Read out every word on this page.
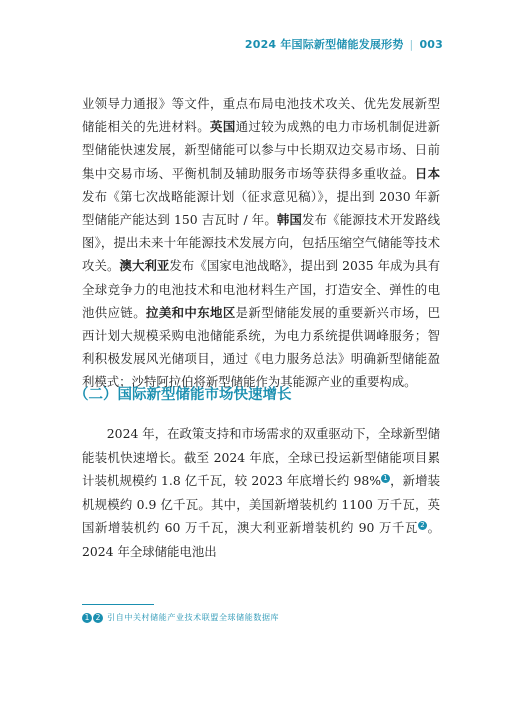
2024 年国际新型储能发展形势 | 003

业领导力通报》等文件，重点布局电池技术攻关、优先发展新型储能相关的先进材料。英国通过较为成熟的电力市场机制促进新型储能快速发展，新型储能可以参与中长期双边交易市场、日前集中交易市场、平衡机制及辅助服务市场等获得多重收益。日本发布《第七次战略能源计划（征求意见稿）》，提出到 2030 年新型储能产能达到 150 吉瓦时 / 年。韩国发布《能源技术开发路线图》，提出未来十年能源技术发展方向，包括压缩空气储能等技术攻关。澳大利亚发布《国家电池战略》，提出到 2035 年成为具有全球竞争力的电池技术和电池材料生产国，打造安全、弹性的电池供应链。拉美和中东地区是新型储能发展的重要新兴市场，巴西计划大规模采购电池储能系统，为电力系统提供调峰服务；智利积极发展风光储项目，通过《电力服务总法》明确新型储能盈利模式；沙特阿拉伯将新型储能作为其能源产业的重要构成。

（二）国际新型储能市场快速增长

2024 年，在政策支持和市场需求的双重驱动下，全球新型储能装机快速增长。截至 2024 年底，全球已投运新型储能项目累计装机规模约 1.8 亿千瓦，较 2023 年底增长约 98% 1 ，新增装机规模约 0.9 亿千瓦。其中，美国新增装机约 1100 万千瓦，英国新增装机约 60 万千瓦，澳大利亚新增装机约 90 万千瓦 2 。2024 年全球储能电池出

1 2 引自中关村储能产业技术联盟全球储能数据库
